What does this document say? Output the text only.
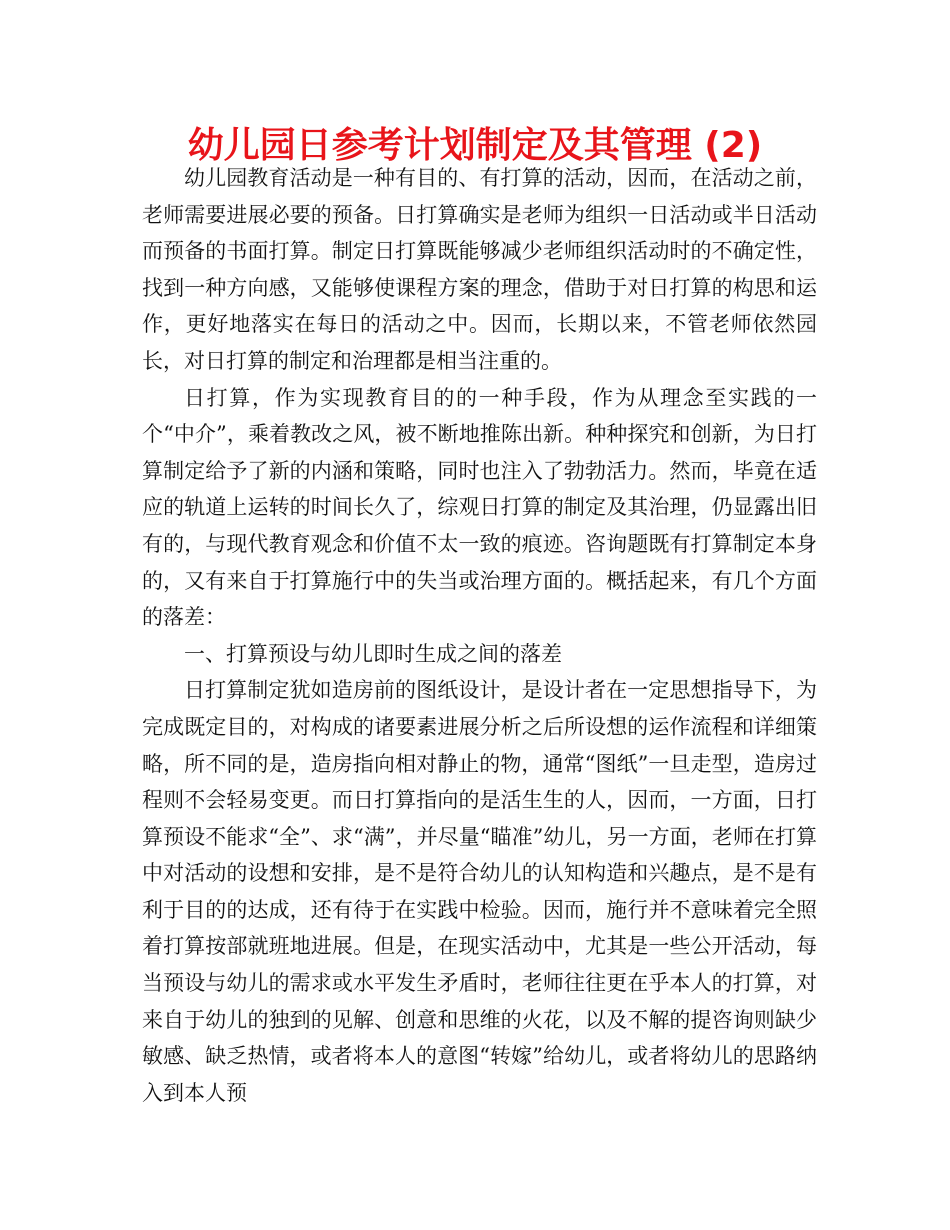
幼儿园日参考计划制定及其管理 (2)

幼儿园教育活动是一种有目的、有打算的活动，因而，在活动之前，老师需要进展必要的预备。日打算确实是老师为组织一日活动或半日活动而预备的书面打算。制定日打算既能够减少老师组织活动时的不确定性，找到一种方向感，又能够使课程方案的理念，借助于对日打算的构思和运作，更好地落实在每日的活动之中。因而，长期以来，不管老师依然园长，对日打算的制定和治理都是相当注重的。

日打算，作为实现教育目的的一种手段，作为从理念至实践的一个“中介”，乘着教改之风，被不断地推陈出新。种种探究和创新，为日打算制定给予了新的内涵和策略，同时也注入了勃勃活力。然而，毕竟在适应的轨道上运转的时间长久了，综观日打算的制定及其治理，仍显露出旧有的，与现代教育观念和价值不太一致的痕迹。咨询题既有打算制定本身的，又有来自于打算施行中的失当或治理方面的。概括起来，有几个方面的落差：

一、打算预设与幼儿即时生成之间的落差

日打算制定犹如造房前的图纸设计，是设计者在一定思想指导下，为完成既定目的，对构成的诸要素进展分析之后所设想的运作流程和详细策略，所不同的是，造房指向相对静止的物，通常“图纸”一旦走型，造房过程则不会轻易变更。而日打算指向的是活生生的人，因而，一方面，日打算预设不能求“全”、求“满”，并尽量“瞄准”幼儿，另一方面，老师在打算中对活动的设想和安排，是不是符合幼儿的认知构造和兴趣点，是不是有利于目的的达成，还有待于在实践中检验。因而，施行并不意味着完全照着打算按部就班地进展。但是，在现实活动中，尤其是一些公开活动，每当预设与幼儿的需求或水平发生矛盾时，老师往往更在乎本人的打算，对来自于幼儿的独到的见解、创意和思维的火花，以及不解的提咨询则缺少敏感、缺乏热情，或者将本人的意图“转嫁”给幼儿，或者将幼儿的思路纳入到本人预
